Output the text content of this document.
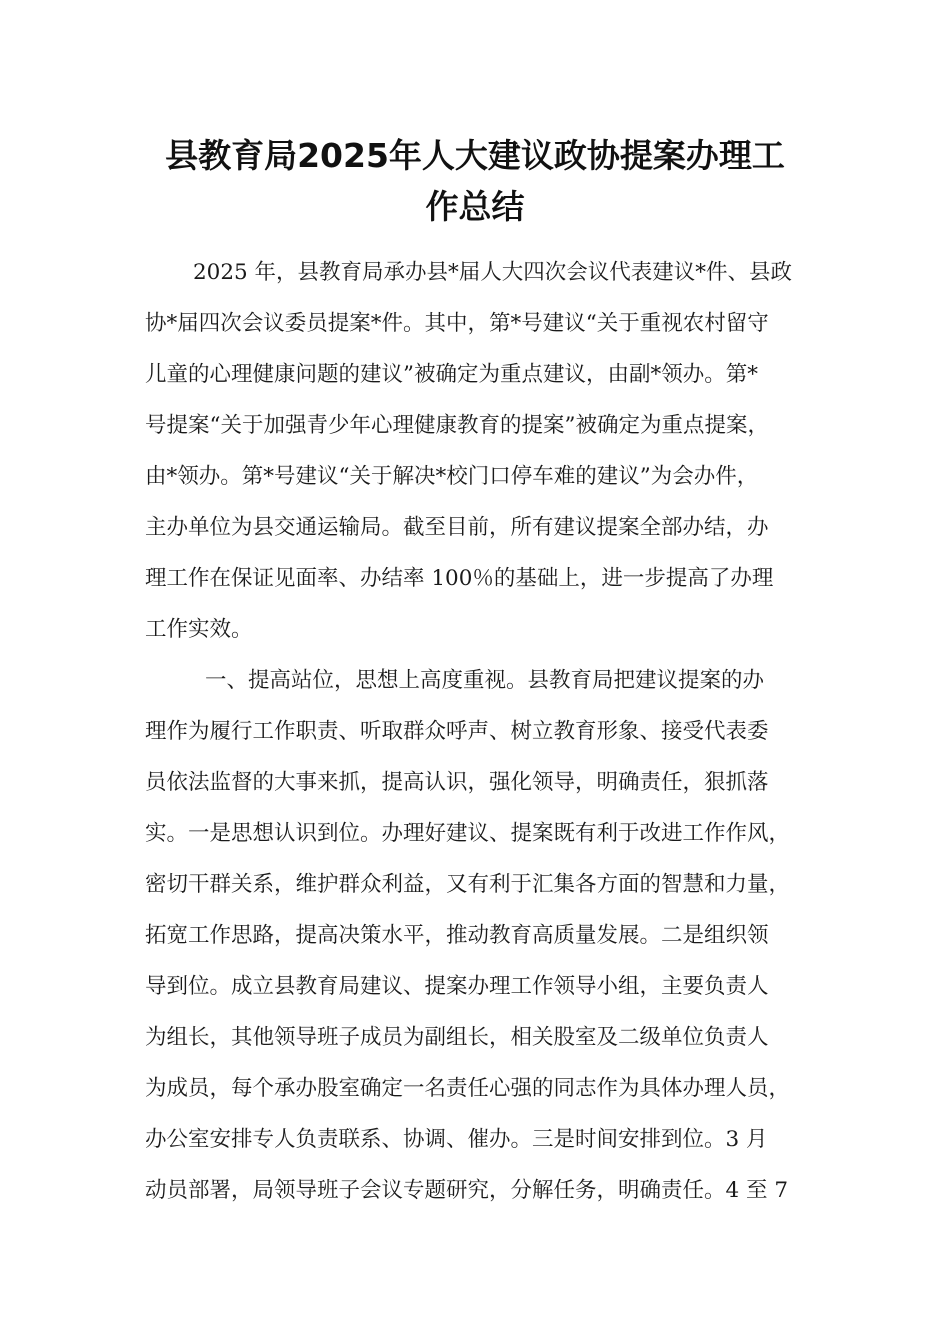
县教育局2025年人大建议政协提案办理工
作总结

2025 年，县教育局承办县*届人大四次会议代表建议*件、县政

协*届四次会议委员提案*件。其中，第*号建议“关于重视农村留守

儿童的心理健康问题的建议”被确定为重点建议，由副*领办。第*

号提案“关于加强青少年心理健康教育的提案”被确定为重点提案，

由*领办。第*号建议“关于解决*校门口停车难的建议”为会办件，

主办单位为县交通运输局。截至目前，所有建议提案全部办结，办

理工作在保证见面率、办结率 100％的基础上，进一步提高了办理

工作实效。

一、提高站位，思想上高度重视。县教育局把建议提案的办

理作为履行工作职责、听取群众呼声、树立教育形象、接受代表委

员依法监督的大事来抓，提高认识，强化领导，明确责任，狠抓落

实。一是思想认识到位。办理好建议、提案既有利于改进工作作风，

密切干群关系，维护群众利益，又有利于汇集各方面的智慧和力量，

拓宽工作思路，提高决策水平，推动教育高质量发展。二是组织领

导到位。成立县教育局建议、提案办理工作领导小组，主要负责人

为组长，其他领导班子成员为副组长，相关股室及二级单位负责人

为成员，每个承办股室确定一名责任心强的同志作为具体办理人员，

办公室安排专人负责联系、协调、催办。三是时间安排到位。3 月

动员部署，局领导班子会议专题研究，分解任务，明确责任。4 至 7
